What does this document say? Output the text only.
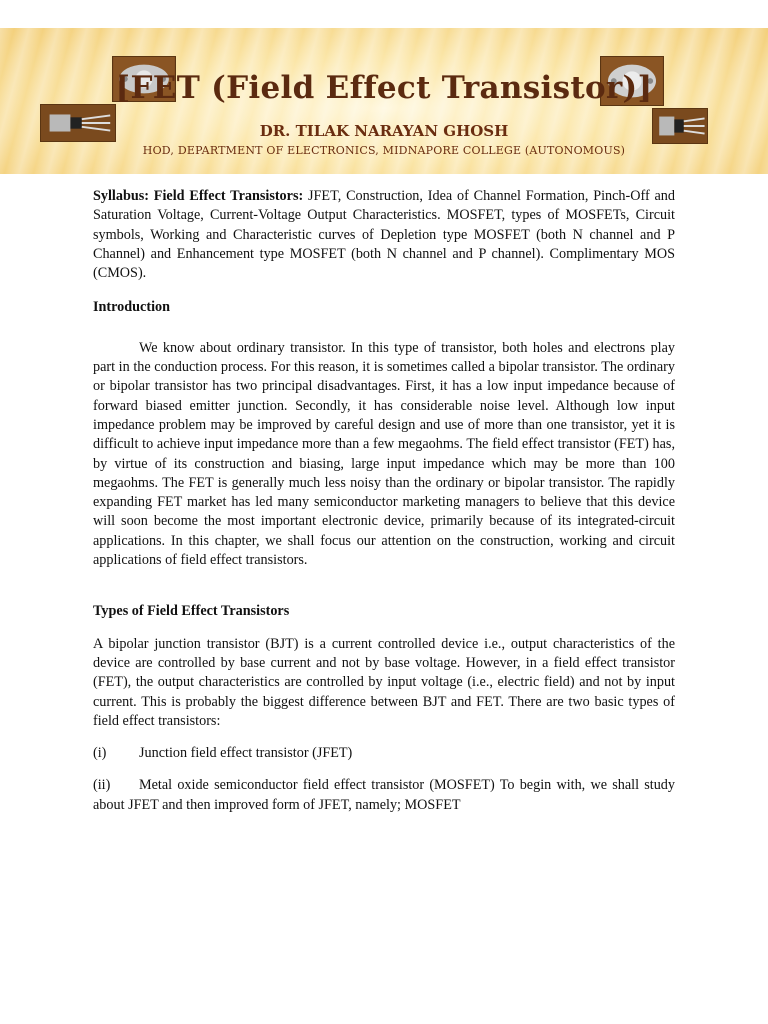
[FET (Field Effect Transistor)]
DR. TILAK NARAYAN GHOSH
HOD, DEPARTMENT OF ELECTRONICS, MIDNAPORE COLLEGE (AUTONOMOUS)

Syllabus: Field Effect Transistors: JFET, Construction, Idea of Channel Formation, Pinch-Off and Saturation Voltage, Current-Voltage Output Characteristics. MOSFET, types of MOSFETs, Circuit symbols, Working and Characteristic curves of Depletion type MOSFET (both N channel and P Channel) and Enhancement type MOSFET (both N channel and P channel). Complimentary MOS (CMOS).

Introduction

We know about ordinary transistor. In this type of transistor, both holes and electrons play part in the conduction process. For this reason, it is sometimes called a bipolar transistor. The ordinary or bipolar transistor has two principal disadvantages. First, it has a low input impedance because of forward biased emitter junction. Secondly, it has considerable noise level. Although low input impedance problem may be improved by careful design and use of more than one transistor, yet it is difficult to achieve input impedance more than a few megaohms. The field effect transistor (FET) has, by virtue of its construction and biasing, large input impedance which may be more than 100 megaohms. The FET is generally much less noisy than the ordinary or bipolar transistor. The rapidly expanding FET market has led many semiconductor marketing managers to believe that this device will soon become the most important electronic device, primarily because of its integrated-circuit applications. In this chapter, we shall focus our attention on the construction, working and circuit applications of field effect transistors.

Types of Field Effect Transistors

A bipolar junction transistor (BJT) is a current controlled device i.e., output characteristics of the device are controlled by base current and not by base voltage. However, in a field effect transistor (FET), the output characteristics are controlled by input voltage (i.e., electric field) and not by input current. This is probably the biggest difference between BJT and FET. There are two basic types of field effect transistors:

(i) Junction field effect transistor (JFET)

(ii) Metal oxide semiconductor field effect transistor (MOSFET) To begin with, we shall study about JFET and then improved form of JFET, namely; MOSFET
